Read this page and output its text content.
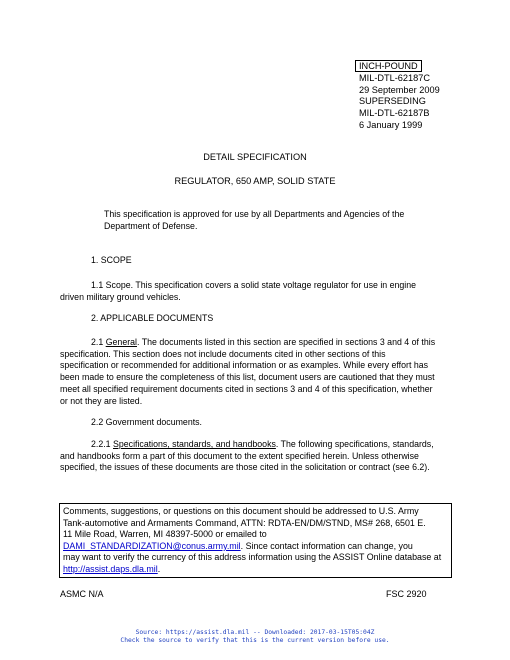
INCH-POUND
MIL-DTL-62187C
29 September 2009
SUPERSEDING
MIL-DTL-62187B
6 January 1999
DETAIL SPECIFICATION
REGULATOR, 650 AMP, SOLID STATE
This specification is approved for use by all Departments and Agencies of the
Department of Defense.
1. SCOPE
1.1 Scope. This specification covers a solid state voltage regulator for use in engine
driven military ground vehicles.
2. APPLICABLE DOCUMENTS
2.1 General. The documents listed in this section are specified in sections 3 and 4 of this
specification. This section does not include documents cited in other sections of this
specification or recommended for additional information or as examples. While every effort has
been made to ensure the completeness of this list, document users are cautioned that they must
meet all specified requirement documents cited in sections 3 and 4 of this specification, whether
or not they are listed.
2.2 Government documents.
2.2.1 Specifications, standards, and handbooks. The following specifications, standards,
and handbooks form a part of this document to the extent specified herein. Unless otherwise
specified, the issues of these documents are those cited in the solicitation or contract (see 6.2).
Comments, suggestions, or questions on this document should be addressed to U.S. Army
Tank-automotive and Armaments Command, ATTN: RDTA-EN/DM/STND, MS# 268, 6501 E.
11 Mile Road, Warren, MI 48397-5000 or emailed to
DAMI_STANDARDIZATION@conus.army.mil. Since contact information can change, you
may want to verify the currency of this address information using the ASSIST Online database at
http://assist.daps.dla.mil.
ASMC N/A	FSC 2920
Source: https://assist.dla.mil -- Downloaded: 2017-03-15T05:04Z
Check the source to verify that this is the current version before use.
